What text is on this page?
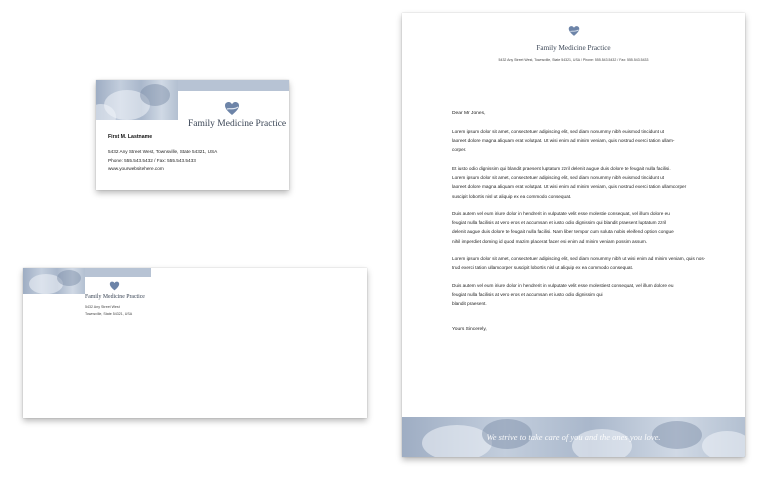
Family Medicine Practice
First M. Lastname
5432 Any Street West, Townsville, State 54321, USA
Phone: 555.543.5432 / Fax: 555.543.5433
www.yourwebsitehere.com
Family Medicine Practice
5432 Any Street West
Townsville, State 54321, USA
Family Medicine Practice
5432 Any Street West, Townsville, State 54321, USA / Phone: 555.543.5432 / Fax: 555.543.5433
Dear Mr Jones,
Lorem ipsum dolor sit amet, consectetuer adipiscing elit, sed diam nonummy nibh euismod tincidunt ut
laoreet dolore magna aliquam erat volutpat. Ut wisi enim ad minim veniam, quis nostrud exerci tation ullam-
corper.
Et iusto odio dignissim qui blandit praesent luptatum zzril delenit augue duis dolore te feugait nulla facilisi.
Lorem ipsum dolor sit amet, consectetuer adipiscing elit, sed diam nonummy nibh euismod tincidunt ut
laoreet dolore magna aliquam erat volutpat. Ut wisi enim ad minim veniam, quis nostrud exerci tation ullamcorper
suscipit lobortis nisl ut aliquip ex ea commodo consequat.
Duis autem vel eum iriure dolor in hendrerit in vulputate velit esse molestie consequat, vel illum dolore eu
feugiat nulla facilisis at vero eros et accumsan et iusto odio dignissim qui blandit praesent luptatum zzril
delenit augue duis dolore te feugait nulla facilisi. Nam liber tempor cum soluta nobis eleifend option congue
nihil imperdiet doming id quod mazim placerat facer esi enim ad minim veniam possim assum.
Lorem ipsum dolor sit amet, consectetuer adipiscing elit, sed diam nonummy nibh ut wisi enim ad minim veniam, quis nos-
trud exerci tation ullamcorper suscipit lobortis nisl ut aliquip ex ea commodo consequat.
Duis autem vel eum iriure dolor in hendrerit in vulputate velit esse molestiest consequat, vel illum dolore eu
feugiat nulla facilisis at vero eros et accumsan et iusto odio dignissim qui
blandit praesent.
Yours Sincerely,
We strive to take care of you and the ones you love.
